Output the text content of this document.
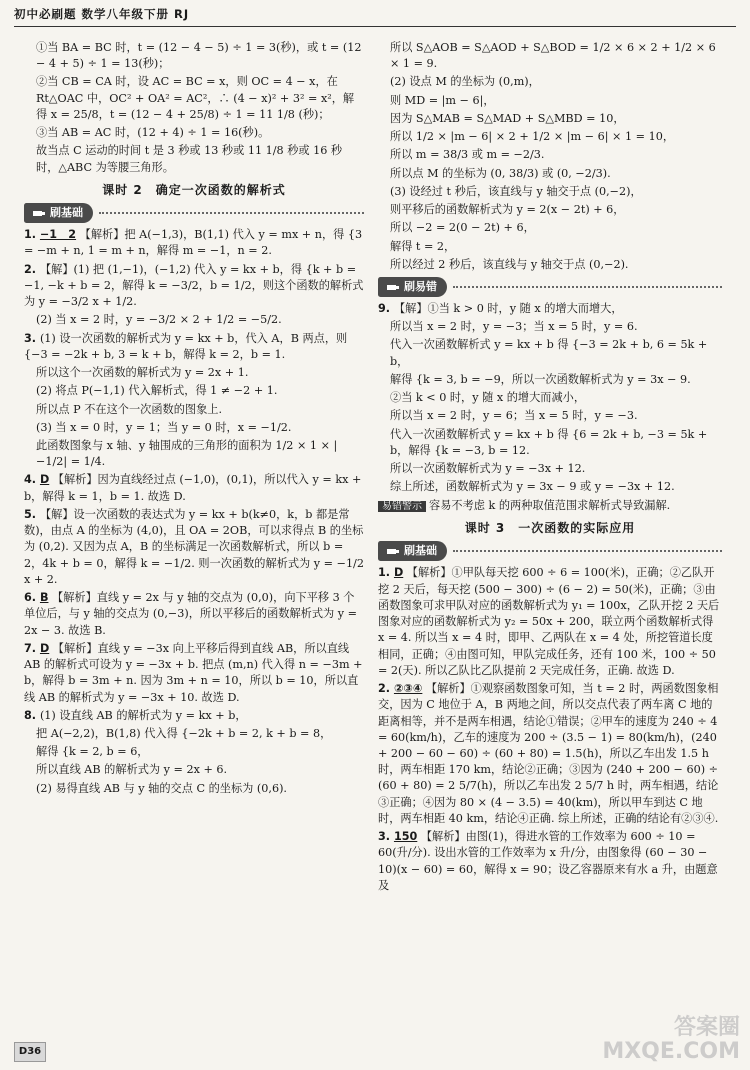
初中必刷题 数学八年级下册 RJ
①当 BA = BC 时，t = (12 − 4 − 5) ÷ 1 = 3(秒)，或 t = (12 − 4 + 5) ÷ 1 = 13(秒)；
②当 CB = CA 时，设 AC = BC = x，则 OC = 4 − x，在 Rt△OAC 中，OC² + OA² = AC²，∴ (4 − x)² + 3² = x²，解得 x = 25/8，t = (12 − 4 + 25/8) ÷ 1 = 11 1/8 (秒)；
③当 AB = AC 时，(12 + 4) ÷ 1 = 16(秒)。
故当点 C 运动的时间 t 是 3 秒或 13 秒或 11 1/8 秒或 16 秒时，△ABC 为等腰三角形。
课时 2　确定一次函数的解析式
刷基础
1. −1　2 【解析】把 A(−1,3)，B(1,1) 代入 y = mx + n，得 {3 = −m + n, 1 = m + n，解得 m = −1，n = 2.
2. 【解】(1) 把 (1,−1)，(−1,2) 代入 y = kx + b，得 {k + b = −1, −k + b = 2，解得 k = −3/2，b = 1/2，则这个函数的解析式为 y = −3/2 x + 1/2.
(2) 当 x = 2 时，y = −3/2 × 2 + 1/2 = −5/2.
3. (1) 设一次函数的解析式为 y = kx + b，代入 A，B 两点，则 {−3 = −2k + b, 3 = k + b，解得 k = 2，b = 1.
所以这个一次函数的解析式为 y = 2x + 1.
(2) 将点 P(−1,1) 代入解析式，得 1 ≠ −2 + 1.
所以点 P 不在这个一次函数的图象上.
(3) 当 x = 0 时，y = 1；当 y = 0 时，x = −1/2.
此函数图象与 x 轴、y 轴围成的三角形的面积为 1/2 × 1 × |−1/2| = 1/4.
4. D 【解析】因为直线经过点 (−1,0)，(0,1)，所以代入 y = kx + b，解得 k = 1，b = 1. 故选 D.
5. 【解】设一次函数的表达式为 y = kx + b(k≠0，k，b 都是常数)，由点 A 的坐标为 (4,0)，且 OA = 2OB，可以求得点 B 的坐标为 (0,2). 又因为点 A，B 的坐标满足一次函数解析式，所以 b = 2，4k + b = 0，解得 k = −1/2. 则一次函数的解析式为 y = −1/2 x + 2.
6. B 【解析】直线 y = 2x 与 y 轴的交点为 (0,0)，向下平移 3 个单位后，与 y 轴的交点为 (0,−3)，所以平移后的函数解析式为 y = 2x − 3. 故选 B.
7. D 【解析】直线 y = −3x 向上平移后得到直线 AB，所以直线 AB 的解析式可设为 y = −3x + b. 把点 (m,n) 代入得 n = −3m + b，解得 b = 3m + n. 因为 3m + n = 10，所以 b = 10，所以直线 AB 的解析式为 y = −3x + 10. 故选 D.
8. (1) 设直线 AB 的解析式为 y = kx + b，
把 A(−2,2)，B(1,8) 代入得 {−2k + b = 2, k + b = 8，
解得 {k = 2, b = 6，
所以直线 AB 的解析式为 y = 2x + 6.
(2) 易得直线 AB 与 y 轴的交点 C 的坐标为 (0,6).
所以 S△AOB = S△AOD + S△BOD = 1/2 × 6 × 2 + 1/2 × 6 × 1 = 9.
(2) 设点 M 的坐标为 (0,m)，
则 MD = |m − 6|，
因为 S△MAB = S△MAD + S△MBD = 10，
所以 1/2 × |m − 6| × 2 + 1/2 × |m − 6| × 1 = 10，
所以 m = 38/3 或 m = −2/3.
所以点 M 的坐标为 (0, 38/3) 或 (0, −2/3).
(3) 设经过 t 秒后，该直线与 y 轴交于点 (0,−2)，
则平移后的函数解析式为 y = 2(x − 2t) + 6，
所以 −2 = 2(0 − 2t) + 6，
解得 t = 2，
所以经过 2 秒后，该直线与 y 轴交于点 (0,−2).
刷易错
9. 【解】①当 k > 0 时，y 随 x 的增大而增大，
所以当 x = 2 时，y = −3；当 x = 5 时，y = 6.
代入一次函数解析式 y = kx + b 得 {−3 = 2k + b, 6 = 5k + b，
解得 {k = 3, b = −9，所以一次函数解析式为 y = 3x − 9.
②当 k < 0 时，y 随 x 的增大而减小，
所以当 x = 2 时，y = 6；当 x = 5 时，y = −3.
代入一次函数解析式 y = kx + b 得 {6 = 2k + b, −3 = 5k + b，解得 {k = −3, b = 12.
所以一次函数解析式为 y = −3x + 12.
综上所述，函数解析式为 y = 3x − 9 或 y = −3x + 12.
易错警示 容易不考虑 k 的两种取值范围求解析式导致漏解.
课时 3　一次函数的实际应用
刷基础
1. D 【解析】①甲队每天挖 600 ÷ 6 = 100(米)，正确；②乙队开挖 2 天后，每天挖 (500 − 300) ÷ (6 − 2) = 50(米)，正确；③由函数图象可求甲队对应的函数解析式为 y₁ = 100x，乙队开挖 2 天后图象对应的函数解析式为 y₂ = 50x + 200，联立两个函数解析式得 x = 4. 所以当 x = 4 时，即甲、乙两队在 x = 4 处，所挖管道长度相同，正确；④由图可知，甲队完成任务，还有 100 米，100 ÷ 50 = 2(天). 所以乙队比乙队提前 2 天完成任务，正确. 故选 D.
2. ②③④ 【解析】①观察函数图象可知，当 t = 2 时，两函数图象相交，因为 C 地位于 A，B 两地之间，所以交点代表了两车离 C 地的距离相等，并不是两车相遇，结论①错误；②甲车的速度为 240 ÷ 4 = 60(km/h)，乙车的速度为 200 ÷ (3.5 − 1) = 80(km/h)，(240 + 200 − 60 − 60) ÷ (60 + 80) = 1.5(h)，所以乙车出发 1.5 h 时，两车相距 170 km，结论②正确；③因为 (240 + 200 − 60) ÷ (60 + 80) = 2 5/7(h)，所以乙车出发 2 5/7 h 时，两车相遇，结论③正确；④因为 80 × (4 − 3.5) = 40(km)，所以甲车到达 C 地时，两车相距 40 km，结论④正确. 综上所述，正确的结论有②③④.
3. 150 【解析】由图(1)，得进水管的工作效率为 600 ÷ 10 = 60(升/分). 设出水管的工作效率为 x 升/分，由图象得 (60 − 30 − 10)(x − 60) = 60，解得 x = 90；设乙容器原来有水 a 升，由题意及
D36
答案圈
MXQE.COM
